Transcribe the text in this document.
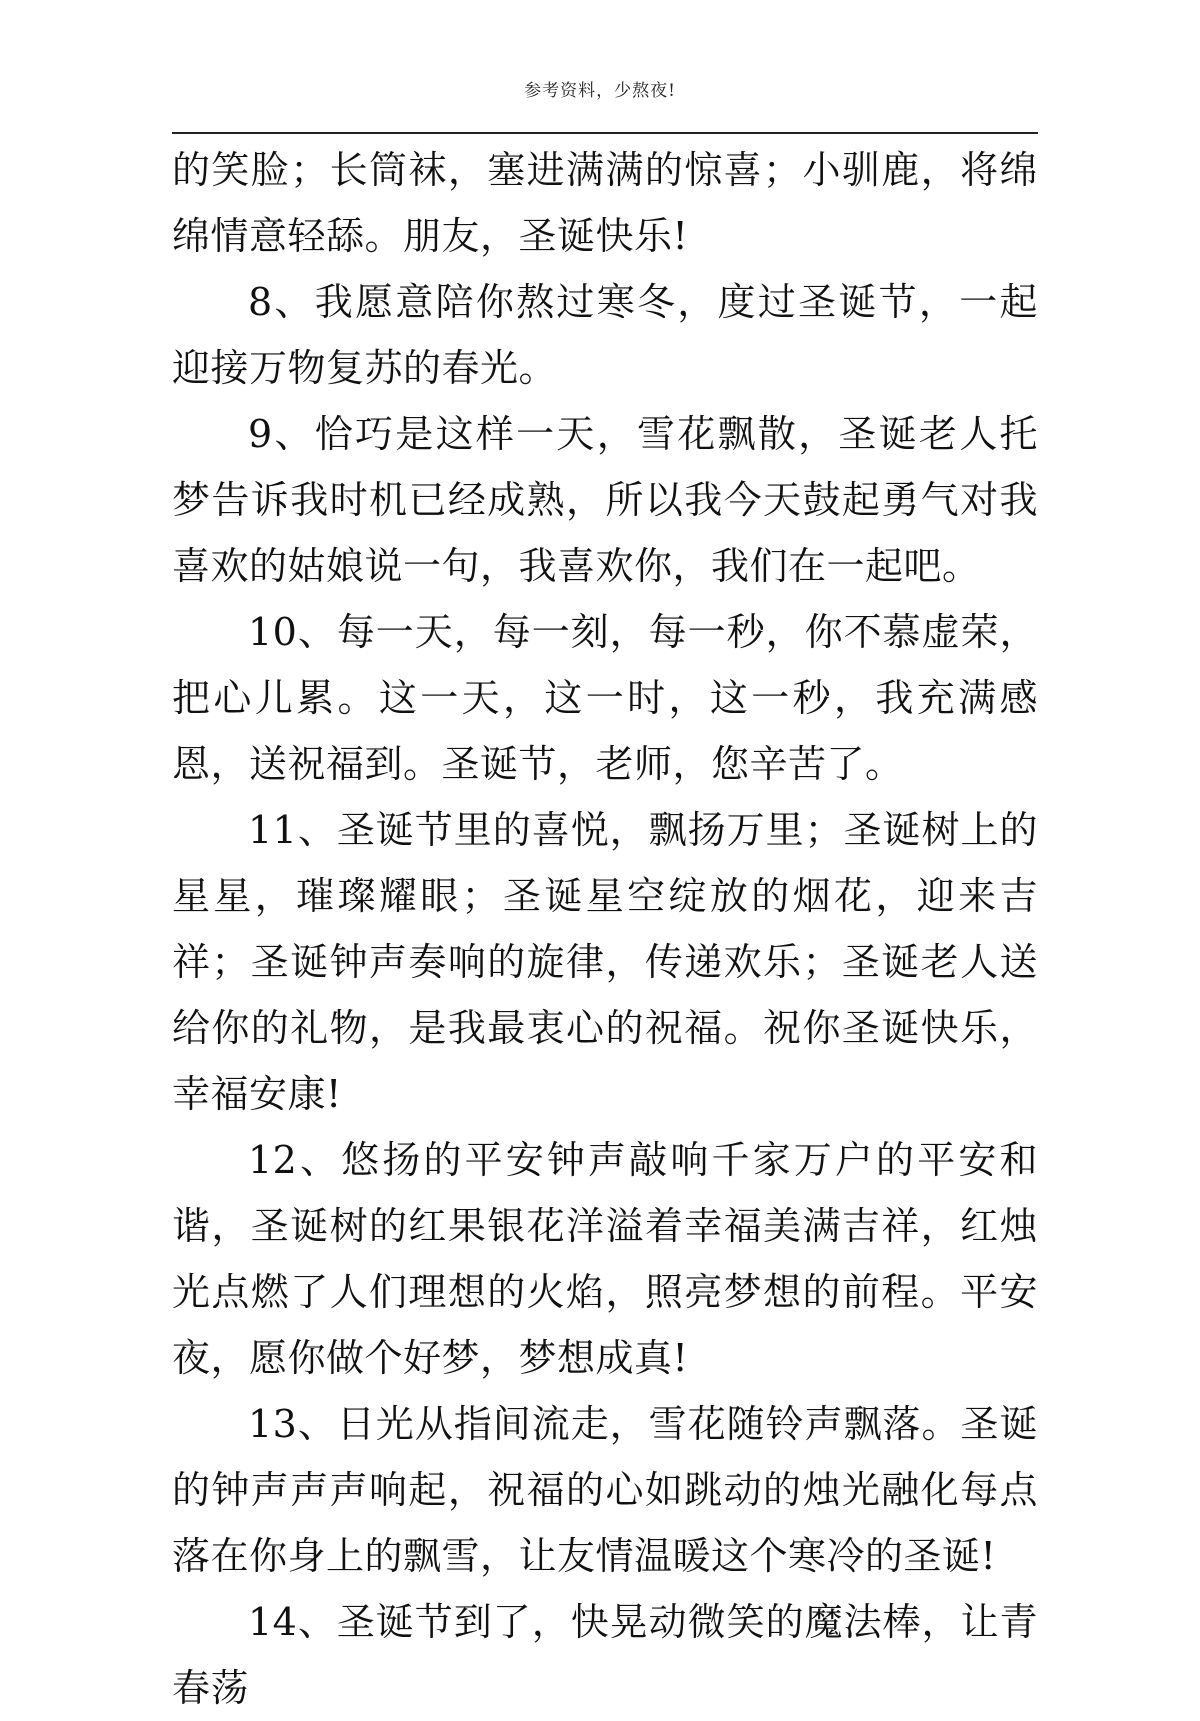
参考资料，少熬夜!

的笑脸；长筒袜，塞进满满的惊喜；小驯鹿，将绵绵情意轻舔。朋友，圣诞快乐!

8、我愿意陪你熬过寒冬，度过圣诞节，一起迎接万物复苏的春光。

9、恰巧是这样一天，雪花飘散，圣诞老人托梦告诉我时机已经成熟，所以我今天鼓起勇气对我喜欢的姑娘说一句，我喜欢你，我们在一起吧。

10、每一天，每一刻，每一秒，你不慕虚荣，把心儿累。这一天，这一时，这一秒，我充满感恩，送祝福到。圣诞节，老师，您辛苦了。

11、圣诞节里的喜悦，飘扬万里；圣诞树上的星星，璀璨耀眼；圣诞星空绽放的烟花，迎来吉祥；圣诞钟声奏响的旋律，传递欢乐；圣诞老人送给你的礼物，是我最衷心的祝福。祝你圣诞快乐，幸福安康!

12、悠扬的平安钟声敲响千家万户的平安和谐，圣诞树的红果银花洋溢着幸福美满吉祥，红烛光点燃了人们理想的火焰，照亮梦想的前程。平安夜，愿你做个好梦，梦想成真!

13、日光从指间流走，雪花随铃声飘落。圣诞的钟声声声响起，祝福的心如跳动的烛光融化每点落在你身上的飘雪，让友情温暖这个寒冷的圣诞!

14、圣诞节到了，快晃动微笑的魔法棒，让青春荡
